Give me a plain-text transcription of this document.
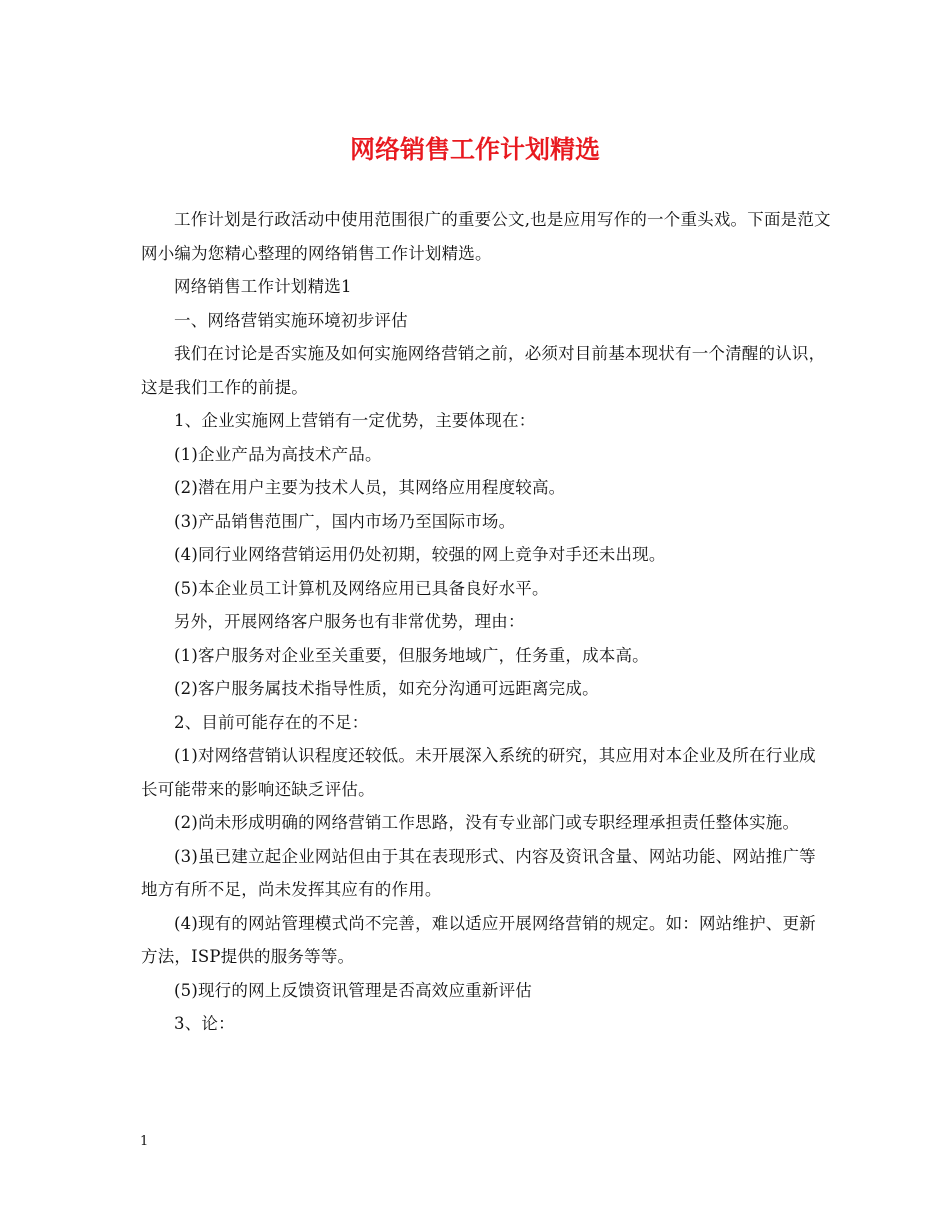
网络销售工作计划精选

工作计划是行政活动中使用范围很广的重要公文,也是应用写作的一个重头戏。下面是范文网小编为您精心整理的网络销售工作计划精选。

网络销售工作计划精选1

一、网络营销实施环境初步评估

我们在讨论是否实施及如何实施网络营销之前，必须对目前基本现状有一个清醒的认识，这是我们工作的前提。

1、企业实施网上营销有一定优势，主要体现在：

(1)企业产品为高技术产品。

(2)潜在用户主要为技术人员，其网络应用程度较高。

(3)产品销售范围广，国内市场乃至国际市场。

(4)同行业网络营销运用仍处初期，较强的网上竞争对手还未出现。

(5)本企业员工计算机及网络应用已具备良好水平。

另外，开展网络客户服务也有非常优势，理由：

(1)客户服务对企业至关重要，但服务地域广，任务重，成本高。

(2)客户服务属技术指导性质，如充分沟通可远距离完成。

2、目前可能存在的不足：

(1)对网络营销认识程度还较低。未开展深入系统的研究，其应用对本企业及所在行业成长可能带来的影响还缺乏评估。

(2)尚未形成明确的网络营销工作思路，没有专业部门或专职经理承担责任整体实施。

(3)虽已建立起企业网站但由于其在表现形式、内容及资讯含量、网站功能、网站推广等地方有所不足，尚未发挥其应有的作用。

(4)现有的网站管理模式尚不完善，难以适应开展网络营销的规定。如：网站维护、更新方法，ISP提供的服务等等。

(5)现行的网上反馈资讯管理是否高效应重新评估

3、论：

1
